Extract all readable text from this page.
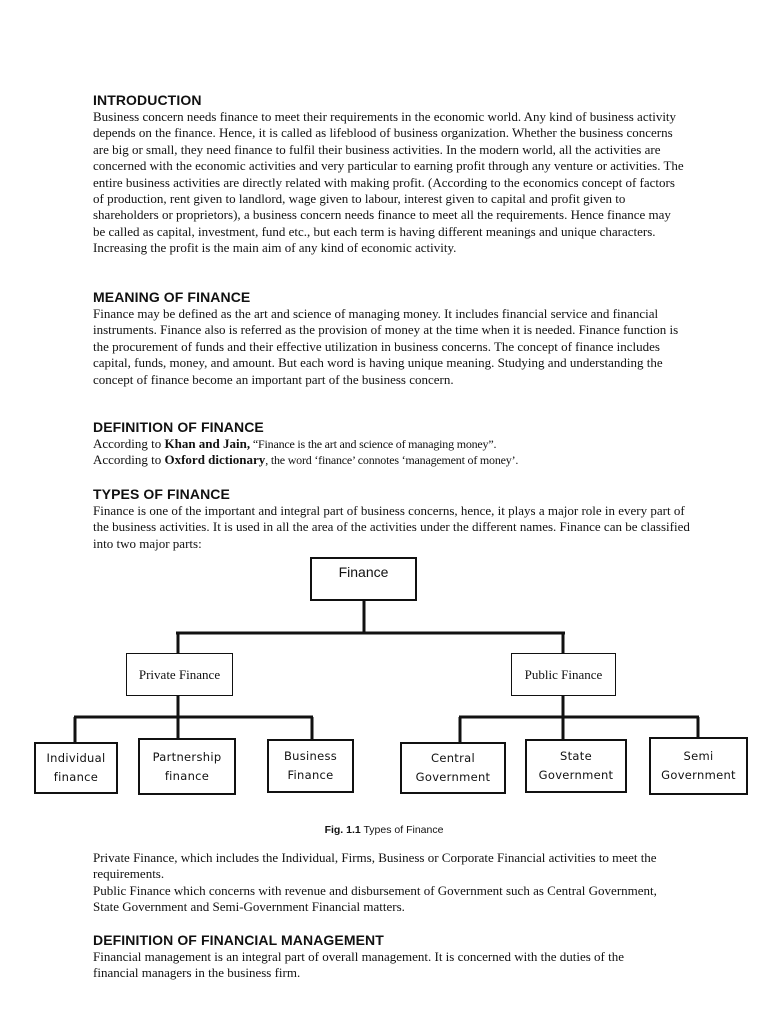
INTRODUCTION

Business concern needs finance to meet their requirements in the economic world. Any kind of business activity depends on the finance. Hence, it is called as lifeblood of business organization. Whether the business concerns are big or small, they need finance to fulfil their business activities. In the modern world, all the activities are concerned with the economic activities and very particular to earning profit through any venture or activities. The entire business activities are directly related with making profit. (According to the economics concept of factors of production, rent given to landlord, wage given to labour, interest given to capital and profit given to shareholders or proprietors), a business concern needs finance to meet all the requirements. Hence finance may be called as capital, investment, fund etc., but each term is having different meanings and unique characters. Increasing the profit is the main aim of any kind of economic activity.

MEANING OF FINANCE

Finance may be defined as the art and science of managing money. It includes financial service and financial instruments. Finance also is referred as the provision of money at the time when it is needed. Finance function is the procurement of funds and their effective utilization in business concerns. The concept of finance includes capital, funds, money, and amount. But each word is having unique meaning. Studying and understanding the concept of finance become an important part of the business concern.

DEFINITION OF FINANCE

According to Khan and Jain, “Finance is the art and science of managing money”.

According to Oxford dictionary, the word ‘finance’ connotes ‘management of money’.

TYPES OF FINANCE

Finance is one of the important and integral part of business concerns, hence, it plays a major role in every part of the business activities. It is used in all the area of the activities under the different names. Finance can be classified into two major parts:

Private Finance, which includes the Individual, Firms, Business or Corporate Financial activities to meet the requirements.

Public Finance which concerns with revenue and disbursement of Government such as Central Government, State Government and Semi-Government Financial matters.

DEFINITION OF FINANCIAL MANAGEMENT

Financial management is an integral part of overall management. It is concerned with the duties of the financial managers in the business firm.

Finance
Private Finance	Public Finance
Individual
finance
Partnership
finance
Business
Finance
Central
Government
State
Government
Semi
Government
Fig. 1.1 Types of Finance
